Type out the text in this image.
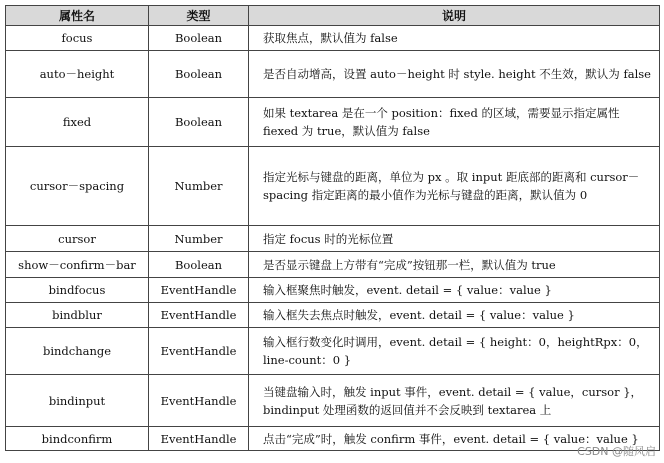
属性名	类型	说明
focus	Boolean	获取焦点，默认值为 false
auto－height	Boolean	是否自动增高，设置 auto－height 时 style. height 不生效，默认为 false
fixed	Boolean	如果 textarea 是在一个 position：fixed 的区域，需要显示指定属性 fiexed 为 true，默认值为 false
cursor－spacing	Number	指定光标与键盘的距离，单位为 px 。取 input 距底部的距离和 cursor－spacing 指定距离的最小值作为光标与键盘的距离，默认值为 0
cursor	Number	指定 focus 时的光标位置
show－confirm－bar	Boolean	是否显示键盘上方带有“完成”按钮那一栏，默认值为 true
bindfocus	EventHandle	输入框聚焦时触发，event. detail = { value：value }
bindblur	EventHandle	输入框失去焦点时触发，event. detail = { value：value }
bindchange	EventHandle	输入框行数变化时调用，event. detail = { height：0，heightRpx：0，line-count：0 }
bindinput	EventHandle	当键盘输入时，触发 input 事件，event. detail = { value，cursor }，bindinput 处理函数的返回值并不会反映到 textarea 上
bindconfirm	EventHandle	点击“完成”时，触发 confirm 事件，event. detail = { value：value }
CSDN @随风启
